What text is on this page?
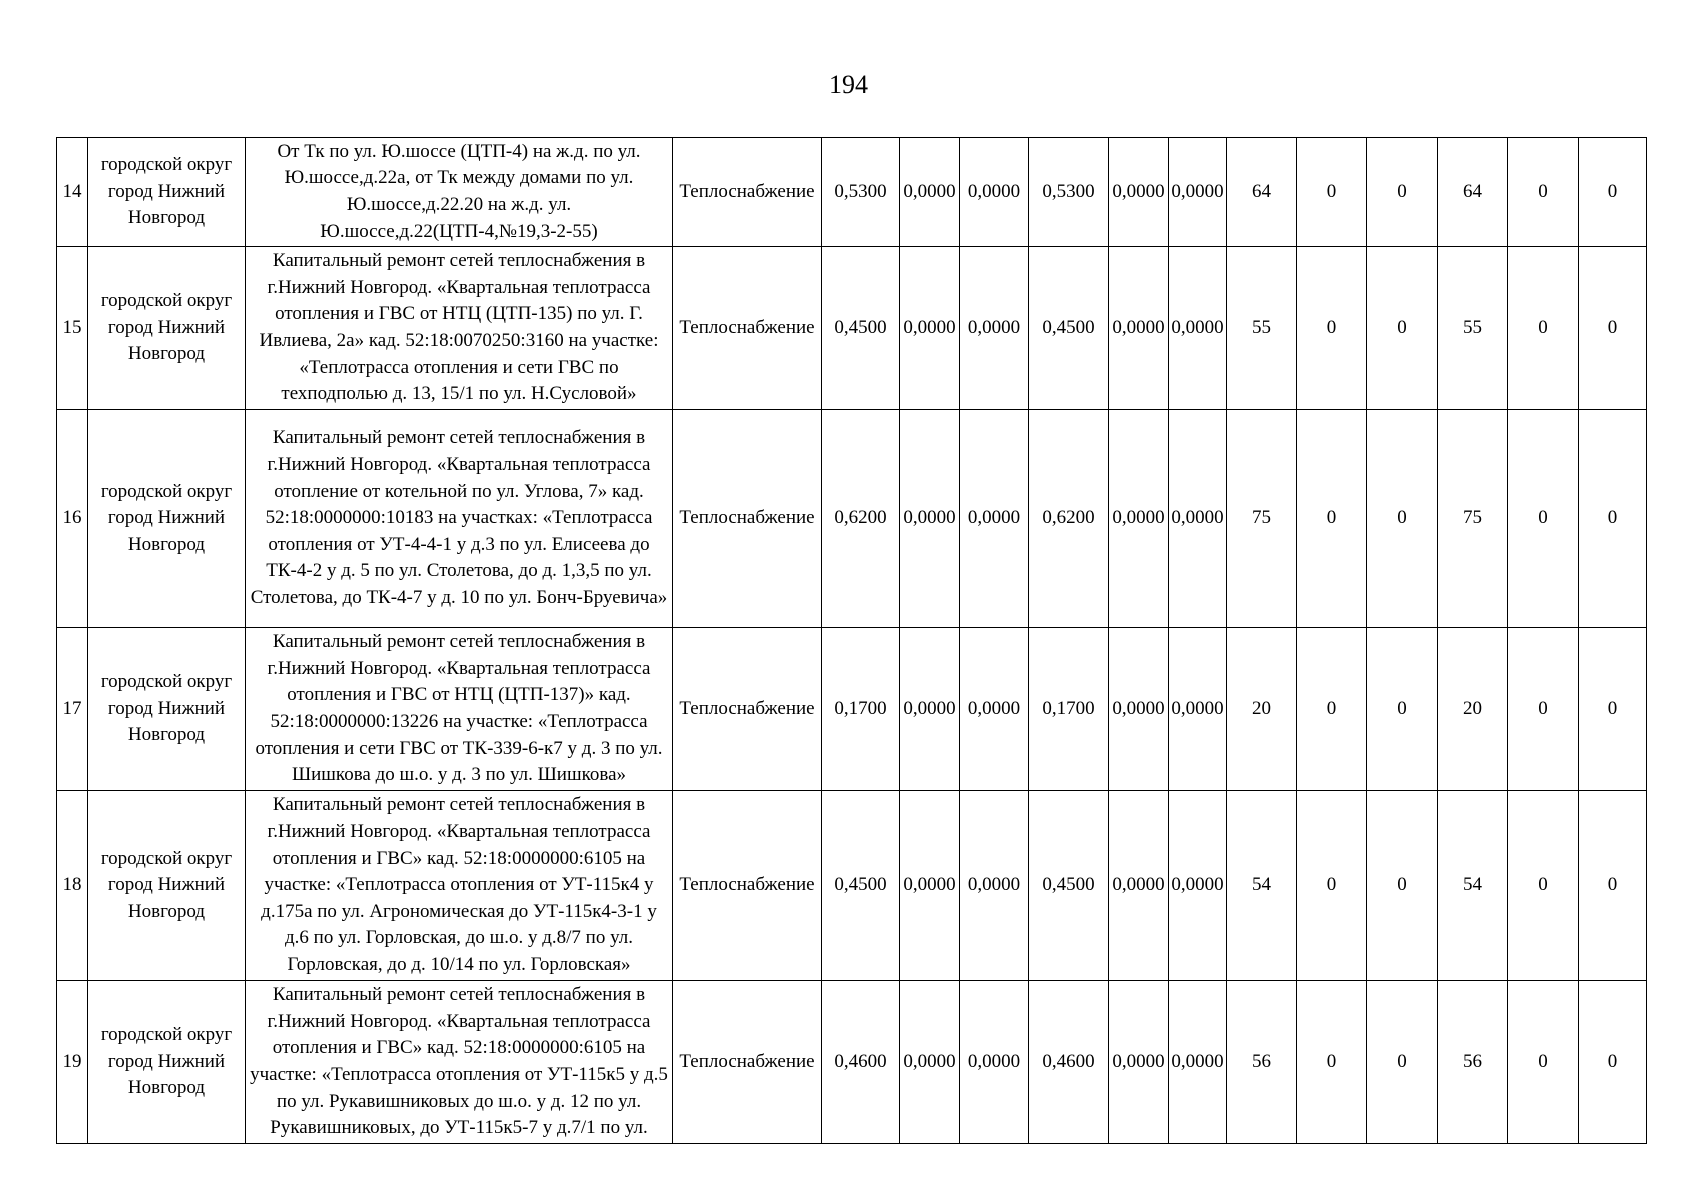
194
14	городской округ город Нижний Новгород	От Тк по ул. Ю.шоссе (ЦТП-4) на ж.д. по ул. Ю.шоссе,д.22а, от Тк между домами по ул. Ю.шоссе,д.22.20 на ж.д. ул. Ю.шоссе,д.22(ЦТП-4,№19,3-2-55)	Теплоснабжение	0,5300	0,0000	0,0000	0,5300	0,0000	0,0000	64	0	0	64	0	0
15	городской округ город Нижний Новгород	Капитальный ремонт сетей теплоснабжения в г.Нижний Новгород. «Квартальная теплотрасса отопления и ГВС от НТЦ (ЦТП-135) по ул. Г. Ивлиева, 2а» кад. 52:18:0070250:3160 на участке: «Теплотрасса отопления и сети ГВС по техподполью д. 13, 15/1 по ул. Н.Сусловой»	Теплоснабжение	0,4500	0,0000	0,0000	0,4500	0,0000	0,0000	55	0	0	55	0	0
16	городской округ город Нижний Новгород	Капитальный ремонт сетей теплоснабжения в г.Нижний Новгород. «Квартальная теплотрасса отопление от котельной по ул. Углова, 7» кад. 52:18:0000000:10183 на участках: «Теплотрасса отопления от УТ-4-4-1 у д.3 по ул. Елисеева до ТК-4-2 у д. 5 по ул. Столетова, до д. 1,3,5 по ул. Столетова, до ТК-4-7 у д. 10 по ул. Бонч-Бруевича»	Теплоснабжение	0,6200	0,0000	0,0000	0,6200	0,0000	0,0000	75	0	0	75	0	0
17	городской округ город Нижний Новгород	Капитальный ремонт сетей теплоснабжения в г.Нижний Новгород. «Квартальная теплотрасса отопления и ГВС от НТЦ (ЦТП-137)» кад. 52:18:0000000:13226 на участке: «Теплотрасса отопления и сети ГВС от ТК-339-6-к7 у д. 3 по ул. Шишкова до ш.о. у д. 3 по ул. Шишкова»	Теплоснабжение	0,1700	0,0000	0,0000	0,1700	0,0000	0,0000	20	0	0	20	0	0
18	городской округ город Нижний Новгород	Капитальный ремонт сетей теплоснабжения в г.Нижний Новгород. «Квартальная теплотрасса отопления и ГВС» кад. 52:18:0000000:6105 на участке: «Теплотрасса отопления от УТ-115к4 у д.175а по ул. Агрономическая до УТ-115к4-3-1 у д.6 по ул. Горловская, до ш.о. у д.8/7 по ул. Горловская, до д. 10/14 по ул. Горловская»	Теплоснабжение	0,4500	0,0000	0,0000	0,4500	0,0000	0,0000	54	0	0	54	0	0
19	городской округ город Нижний Новгород	Капитальный ремонт сетей теплоснабжения в г.Нижний Новгород. «Квартальная теплотрасса отопления и ГВС» кад. 52:18:0000000:6105 на участке: «Теплотрасса отопления от УТ-115к5 у д.5 по ул. Рукавишниковых до ш.о. у д. 12 по ул. Рукавишниковых, до УТ-115к5-7 у д.7/1 по ул.	Теплоснабжение	0,4600	0,0000	0,0000	0,4600	0,0000	0,0000	56	0	0	56	0	0
